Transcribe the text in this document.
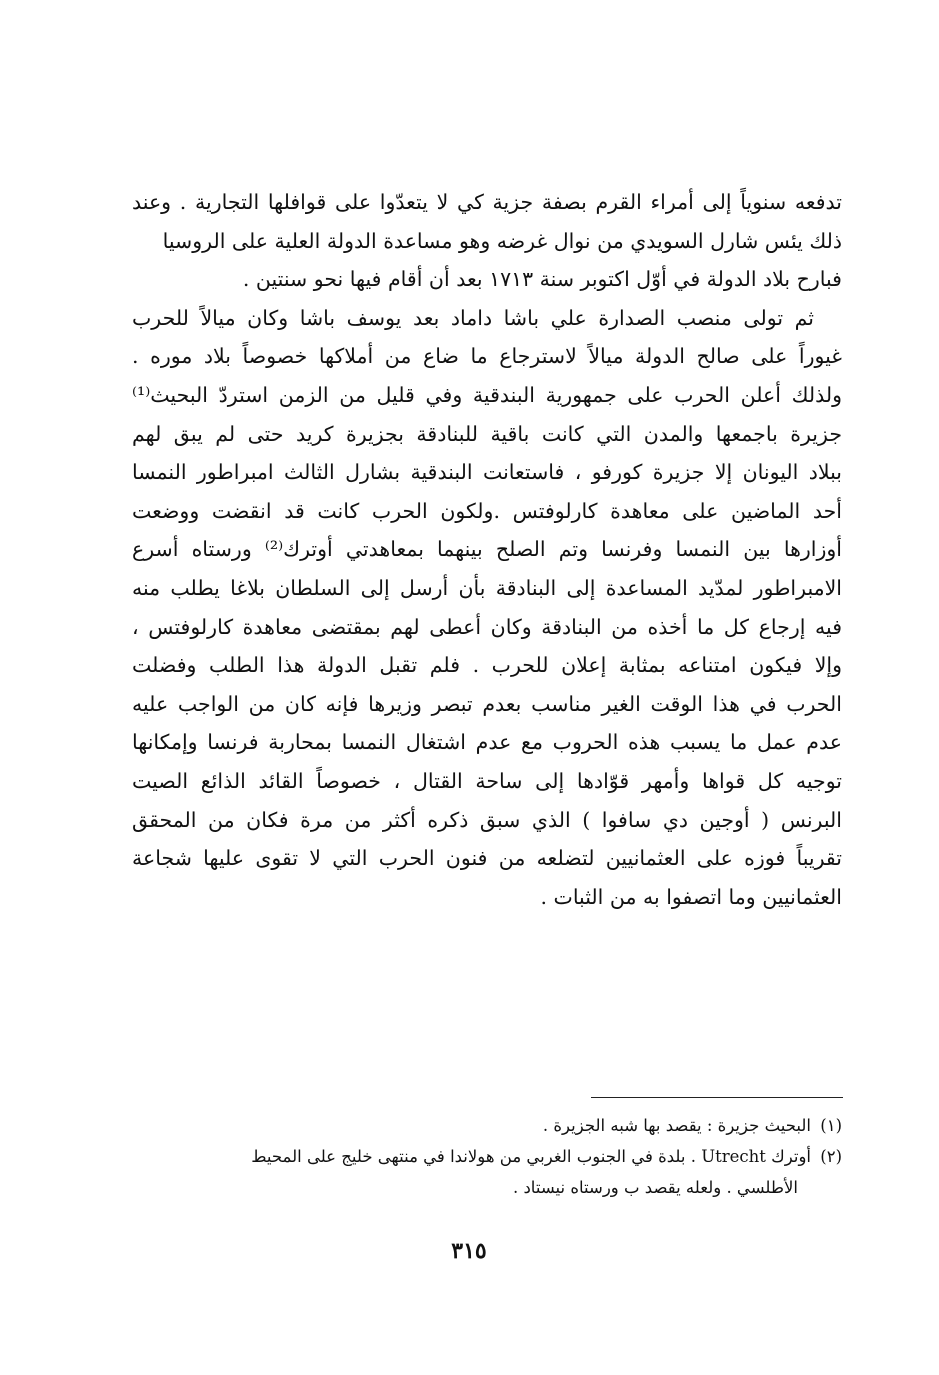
تدفعه سنوياً إلى أمراء القرم بصفة جزية كي لا يتعدّوا على قوافلها التجارية . وعند
ذلك يئس شارل السويدي من نوال غرضه وهو مساعدة الدولة العلية على الروسيا
فبارح بلاد الدولة في أوّل اكتوبر سنة ١٧١٣ بعد أن أقام فيها نحو سنتين .
ثم تولى منصب الصدارة علي باشا داماد بعد يوسف باشا وكان ميالاً للحرب
غيوراً على صالح الدولة ميالاً لاسترجاع ما ضاع من أملاكها خصوصاً بلاد موره .
ولذلك أعلن الحرب على جمهورية البندقية وفي قليل من الزمن استردّ البحيث⁽¹⁾
جزيرة باجمعها والمدن التي كانت باقية للبنادقة بجزيرة كريد حتى لم يبق لهم
ببلاد اليونان إلا جزيرة كورفو ، فاستعانت البندقية بشارل الثالث امبراطور النمسا
أحد الماضين على معاهدة كارلوفتس .ولكون الحرب كانت قد انقضت ووضعت
أوزارها بين النمسا وفرنسا وتم الصلح بينهما بمعاهدتي أوترك⁽²⁾ ورستاه أسرع
الامبراطور لمدّيد المساعدة إلى البنادقة بأن أرسل إلى السلطان بلاغا يطلب منه
فيه إرجاع كل ما أخذه من البنادقة وكان أعطى لهم بمقتضى معاهدة كارلوفتس ،
وإلا فيكون امتناعه بمثابة إعلان للحرب . فلم تقبل الدولة هذا الطلب وفضلت
الحرب في هذا الوقت الغير مناسب بعدم تبصر وزيرها فإنه كان من الواجب عليه
عدم عمل ما يسبب هذه الحروب مع عدم اشتغال النمسا بمحاربة فرنسا وإمكانها
توجيه كل قواها وأمهر قوّادها إلى ساحة القتال ، خصوصاً القائد الذائع الصيت
البرنس ( أوجين دي سافوا ) الذي سبق ذكره أكثر من مرة فكان من المحقق
تقريباً فوزه على العثمانيين لتضلعه من فنون الحرب التي لا تقوى عليها شجاعة
العثمانيين وما اتصفوا به من الثبات .
(١) البحيث جزيرة : يقصد بها شبه الجزيرة .
(٢) أوترك Utrecht . بلدة في الجنوب الغربي من هولاندا في منتهى خليج على المحيط
الأطلسي . ولعله يقصد ب ورستاه نيستاد .
٣١٥
